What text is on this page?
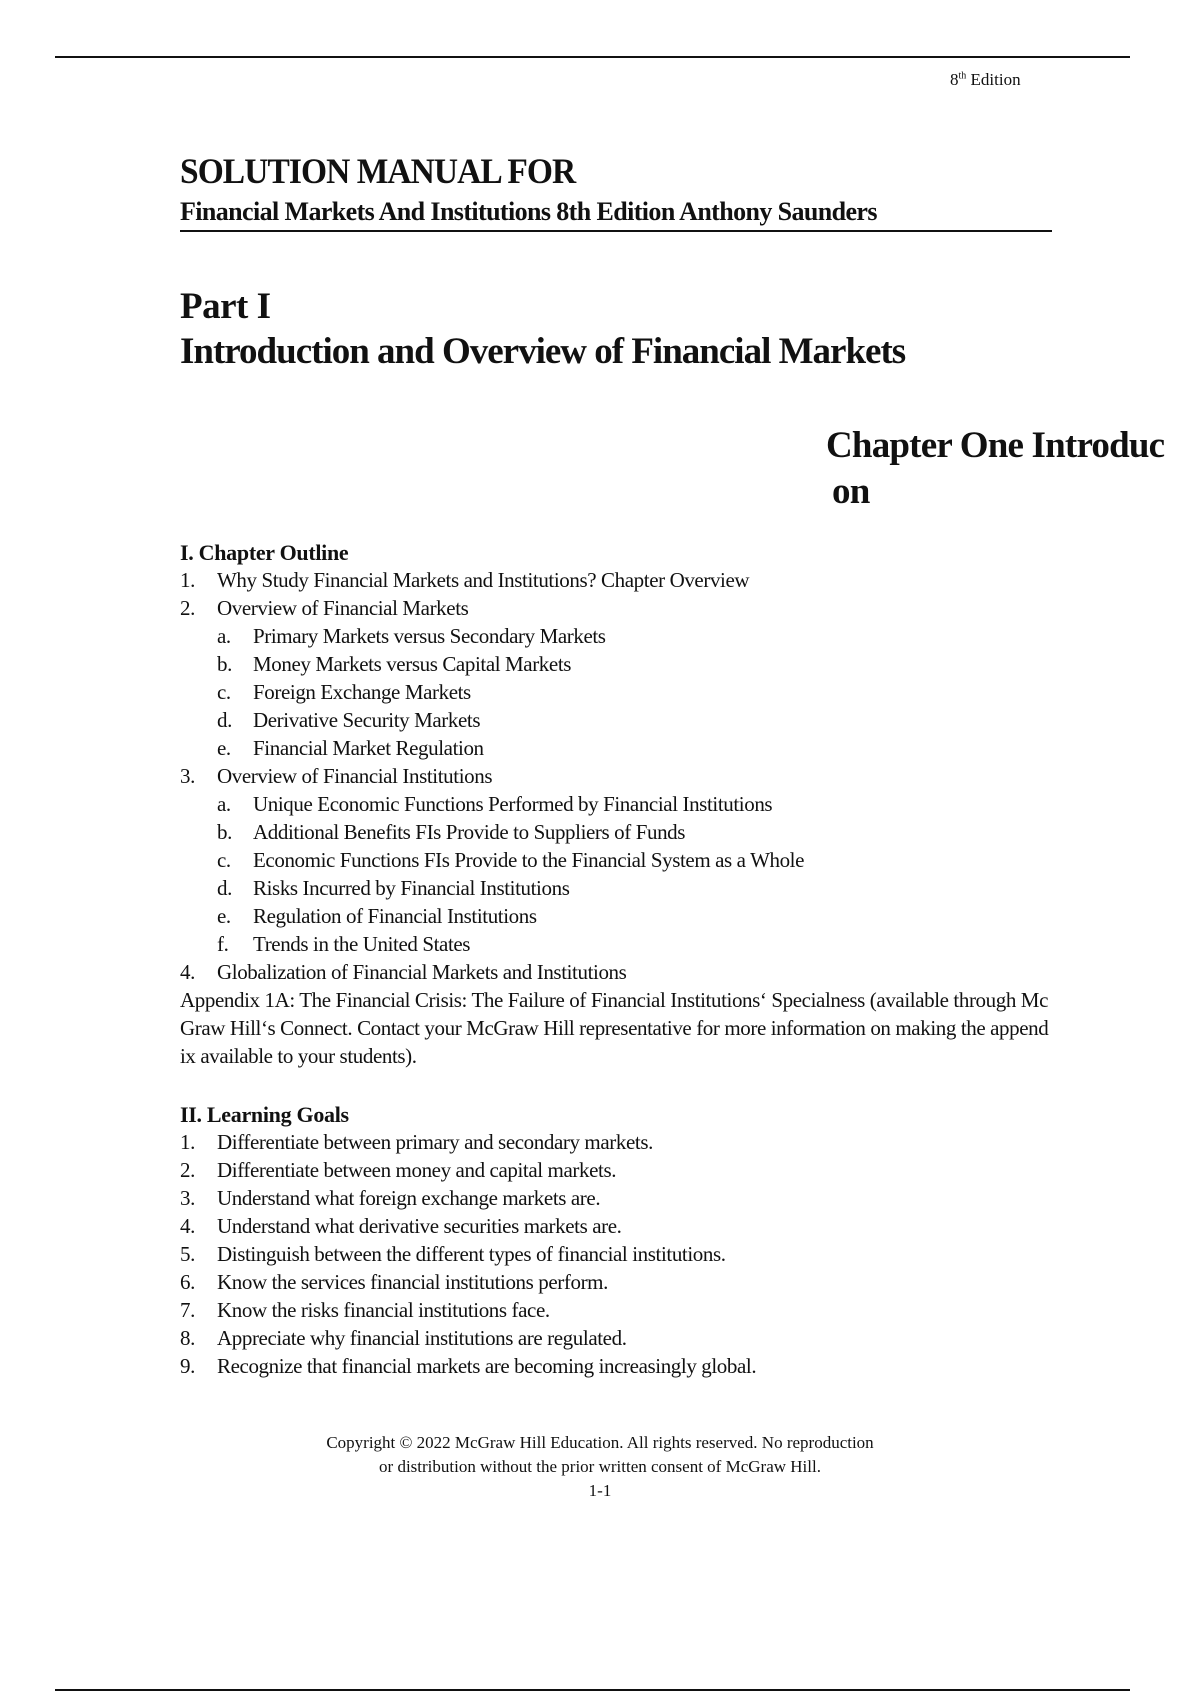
8th Edition
SOLUTION MANUAL FOR
Financial Markets And Institutions 8th Edition Anthony Saunders
Part I
Introduction and Overview of Financial Markets
Chapter One Introduc
on
I. Chapter Outline
1. Why Study Financial Markets and Institutions? Chapter Overview
2. Overview of Financial Markets
a. Primary Markets versus Secondary Markets
b. Money Markets versus Capital Markets
c. Foreign Exchange Markets
d. Derivative Security Markets
e. Financial Market Regulation
3. Overview of Financial Institutions
a. Unique Economic Functions Performed by Financial Institutions
b. Additional Benefits FIs Provide to Suppliers of Funds
c. Economic Functions FIs Provide to the Financial System as a Whole
d. Risks Incurred by Financial Institutions
e. Regulation of Financial Institutions
f. Trends in the United States
4. Globalization of Financial Markets and Institutions
Appendix 1A: The Financial Crisis: The Failure of Financial Institutions‘ Specialness (available through McGraw Hill‘s Connect. Contact your McGraw Hill representative for more information on making the appendix available to your students).
II. Learning Goals
1. Differentiate between primary and secondary markets.
2. Differentiate between money and capital markets.
3. Understand what foreign exchange markets are.
4. Understand what derivative securities markets are.
5. Distinguish between the different types of financial institutions.
6. Know the services financial institutions perform.
7. Know the risks financial institutions face.
8. Appreciate why financial institutions are regulated.
9. Recognize that financial markets are becoming increasingly global.
Copyright © 2022 McGraw Hill Education. All rights reserved. No reproduction
or distribution without the prior written consent of McGraw Hill.
1-1
